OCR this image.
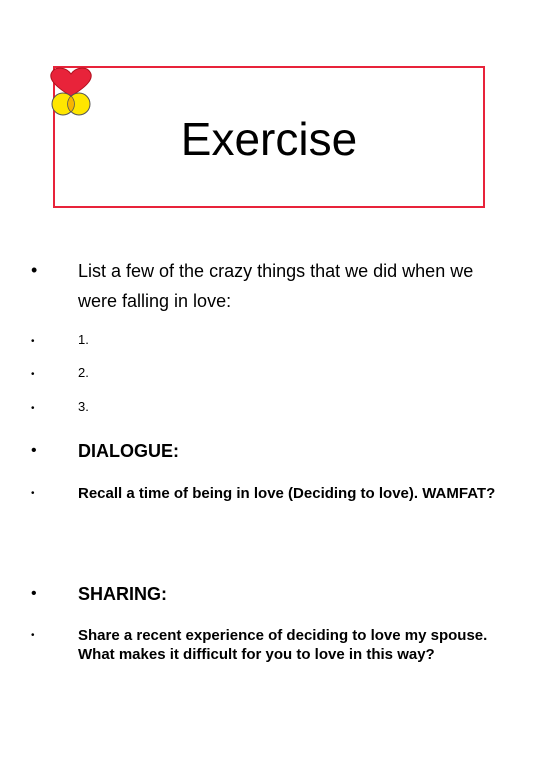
Exercise
• List a few of the crazy things that we did when we were falling in love:
•	1.
•	2.
•	3.
• DIALOGUE:
•	Recall a time of being in love (Deciding to love). WAMFAT?
• SHARING:
•	Share a recent experience of deciding to love my spouse. What makes it difficult for you to love in this way?
